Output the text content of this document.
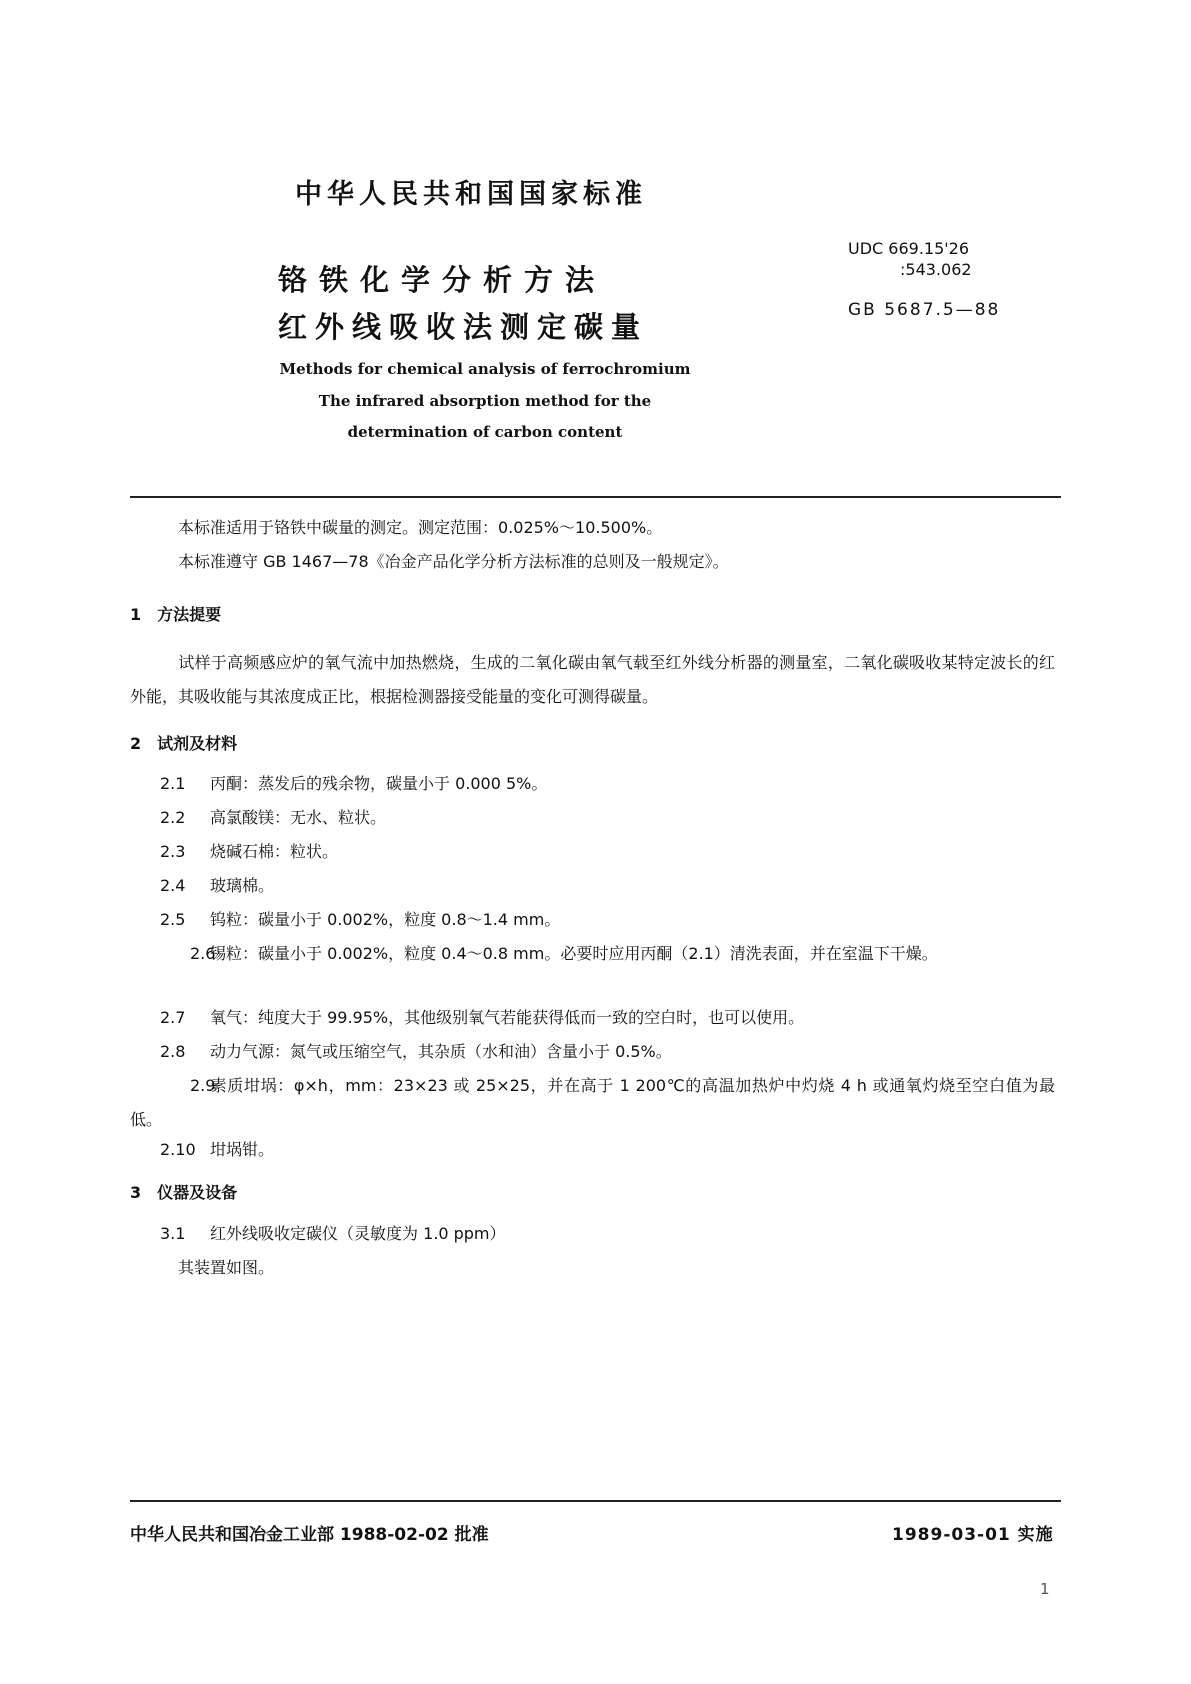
中华人民共和国国家标准
铬铁化学分析方法
红外线吸收法测定碳量
UDC 669.15'26
:543.062
GB 5687.5—88
Methods for chemical analysis of ferrochromium
The infrared absorption method for the
determination of carbon content
本标准适用于铬铁中碳量的测定。测定范围：0.025%～10.500%。
本标准遵守 GB 1467—78《冶金产品化学分析方法标准的总则及一般规定》。
1　方法提要
试样于高频感应炉的氧气流中加热燃烧，生成的二氧化碳由氧气载至红外线分析器的测量室，二氧化碳吸收某特定波长的红外能，其吸收能与其浓度成正比，根据检测器接受能量的变化可测得碳量。
2　试剂及材料
2.1 丙酮：蒸发后的残余物，碳量小于 0.000 5%。
2.2 高氯酸镁：无水、粒状。
2.3 烧碱石棉：粒状。
2.4 玻璃棉。
2.5 钨粒：碳量小于 0.002%，粒度 0.8～1.4 mm。
2.6锡粒：碳量小于 0.002%，粒度 0.4～0.8 mm。必要时应用丙酮（2.1）清洗表面，并在室温下干燥。
2.7 氧气：纯度大于 99.95%，其他级别氧气若能获得低而一致的空白时，也可以使用。
2.8 动力气源：氮气或压缩空气，其杂质（水和油）含量小于 0.5%。
2.9素质坩埚：φ×h，mm：23×23 或 25×25，并在高于 1 200℃的高温加热炉中灼烧 4 h 或通氧灼烧至空白值为最低。
2.10 坩埚钳。
3　仪器及设备
3.1 红外线吸收定碳仪（灵敏度为 1.0 ppm）
其装置如图。
中华人民共和国冶金工业部 1988-02-02 批准	1989-03-01 实施
1
